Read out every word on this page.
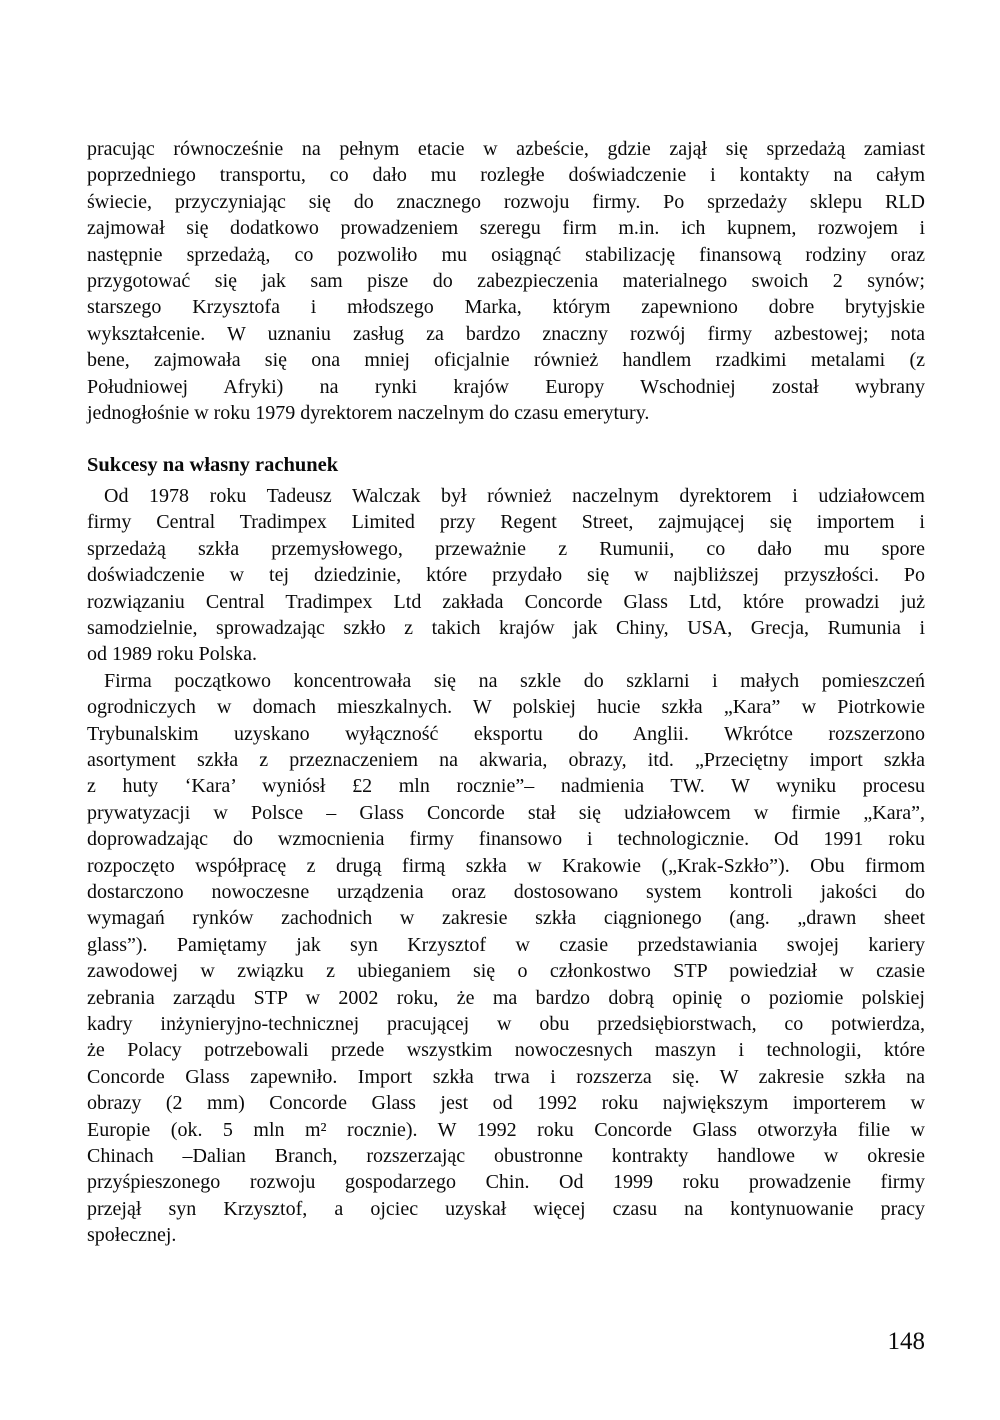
pracując równocześnie na pełnym etacie w azbeście, gdzie zajął się sprzedażą zamiast
poprzedniego transportu, co dało mu rozległe doświadczenie i kontakty na całym
świecie, przyczyniając się do znacznego rozwoju firmy. Po sprzedaży sklepu RLD
zajmował się dodatkowo prowadzeniem szeregu firm m.in. ich kupnem, rozwojem i
następnie sprzedażą, co pozwoliło mu osiągnąć stabilizację finansową rodziny oraz
przygotować się jak sam pisze do zabezpieczenia materialnego swoich 2 synów;
starszego Krzysztofa i młodszego Marka, którym zapewniono dobre brytyjskie
wykształcenie. W uznaniu zasług za bardzo znaczny rozwój firmy azbestowej; nota
bene, zajmowała się ona mniej oficjalnie również handlem rzadkimi metalami (z
Południowej Afryki) na rynki krajów Europy Wschodniej został wybrany
jednogłośnie w roku 1979 dyrektorem naczelnym do czasu emerytury.
Sukcesy na własny rachunek
Od 1978 roku Tadeusz Walczak był również naczelnym dyrektorem i udziałowcem
firmy Central Tradimpex Limited przy Regent Street, zajmującej się importem i
sprzedażą szkła przemysłowego, przeważnie z Rumunii, co dało mu spore
doświadczenie w tej dziedzinie, które przydało się w najbliższej przyszłości. Po
rozwiązaniu Central Tradimpex Ltd zakłada Concorde Glass Ltd, które prowadzi już
samodzielnie, sprowadzając szkło z takich krajów jak Chiny, USA, Grecja, Rumunia i
od 1989 roku Polska.
Firma początkowo koncentrowała się na szkle do szklarni i małych pomieszczeń
ogrodniczych w domach mieszkalnych. W polskiej hucie szkła „Kara” w Piotrkowie
Trybunalskim uzyskano wyłączność eksportu do Anglii. Wkrótce rozszerzono
asortyment szkła z przeznaczeniem na akwaria, obrazy, itd. „Przeciętny import szkła
z huty ‘Kara’ wyniósł £2 mln rocznie”– nadmienia TW. W wyniku procesu
prywatyzacji w Polsce – Glass Concorde stał się udziałowcem w firmie „Kara”,
doprowadzając do wzmocnienia firmy finansowo i technologicznie. Od 1991 roku
rozpoczęto współpracę z drugą firmą szkła w Krakowie („Krak-Szkło”). Obu firmom
dostarczono nowoczesne urządzenia oraz dostosowano system kontroli jakości do
wymagań rynków zachodnich w zakresie szkła ciągnionego (ang. „drawn sheet
glass”). Pamiętamy jak syn Krzysztof w czasie przedstawiania swojej kariery
zawodowej w związku z ubieganiem się o członkostwo STP powiedział w czasie
zebrania zarządu STP w 2002 roku, że ma bardzo dobrą opinię o poziomie polskiej
kadry inżynieryjno-technicznej pracującej w obu przedsiębiorstwach, co potwierdza,
że Polacy potrzebowali przede wszystkim nowoczesnych maszyn i technologii, które
Concorde Glass zapewniło. Import szkła trwa i rozszerza się. W zakresie szkła na
obrazy (2 mm) Concorde Glass jest od 1992 roku największym importerem w
Europie (ok. 5 mln m² rocznie). W 1992 roku Concorde Glass otworzyła filie w
Chinach –Dalian Branch, rozszerzając obustronne kontrakty handlowe w okresie
przyśpieszonego rozwoju gospodarzego Chin. Od 1999 roku prowadzenie firmy
przejął syn Krzysztof, a ojciec uzyskał więcej czasu na kontynuowanie pracy
społecznej.
148
